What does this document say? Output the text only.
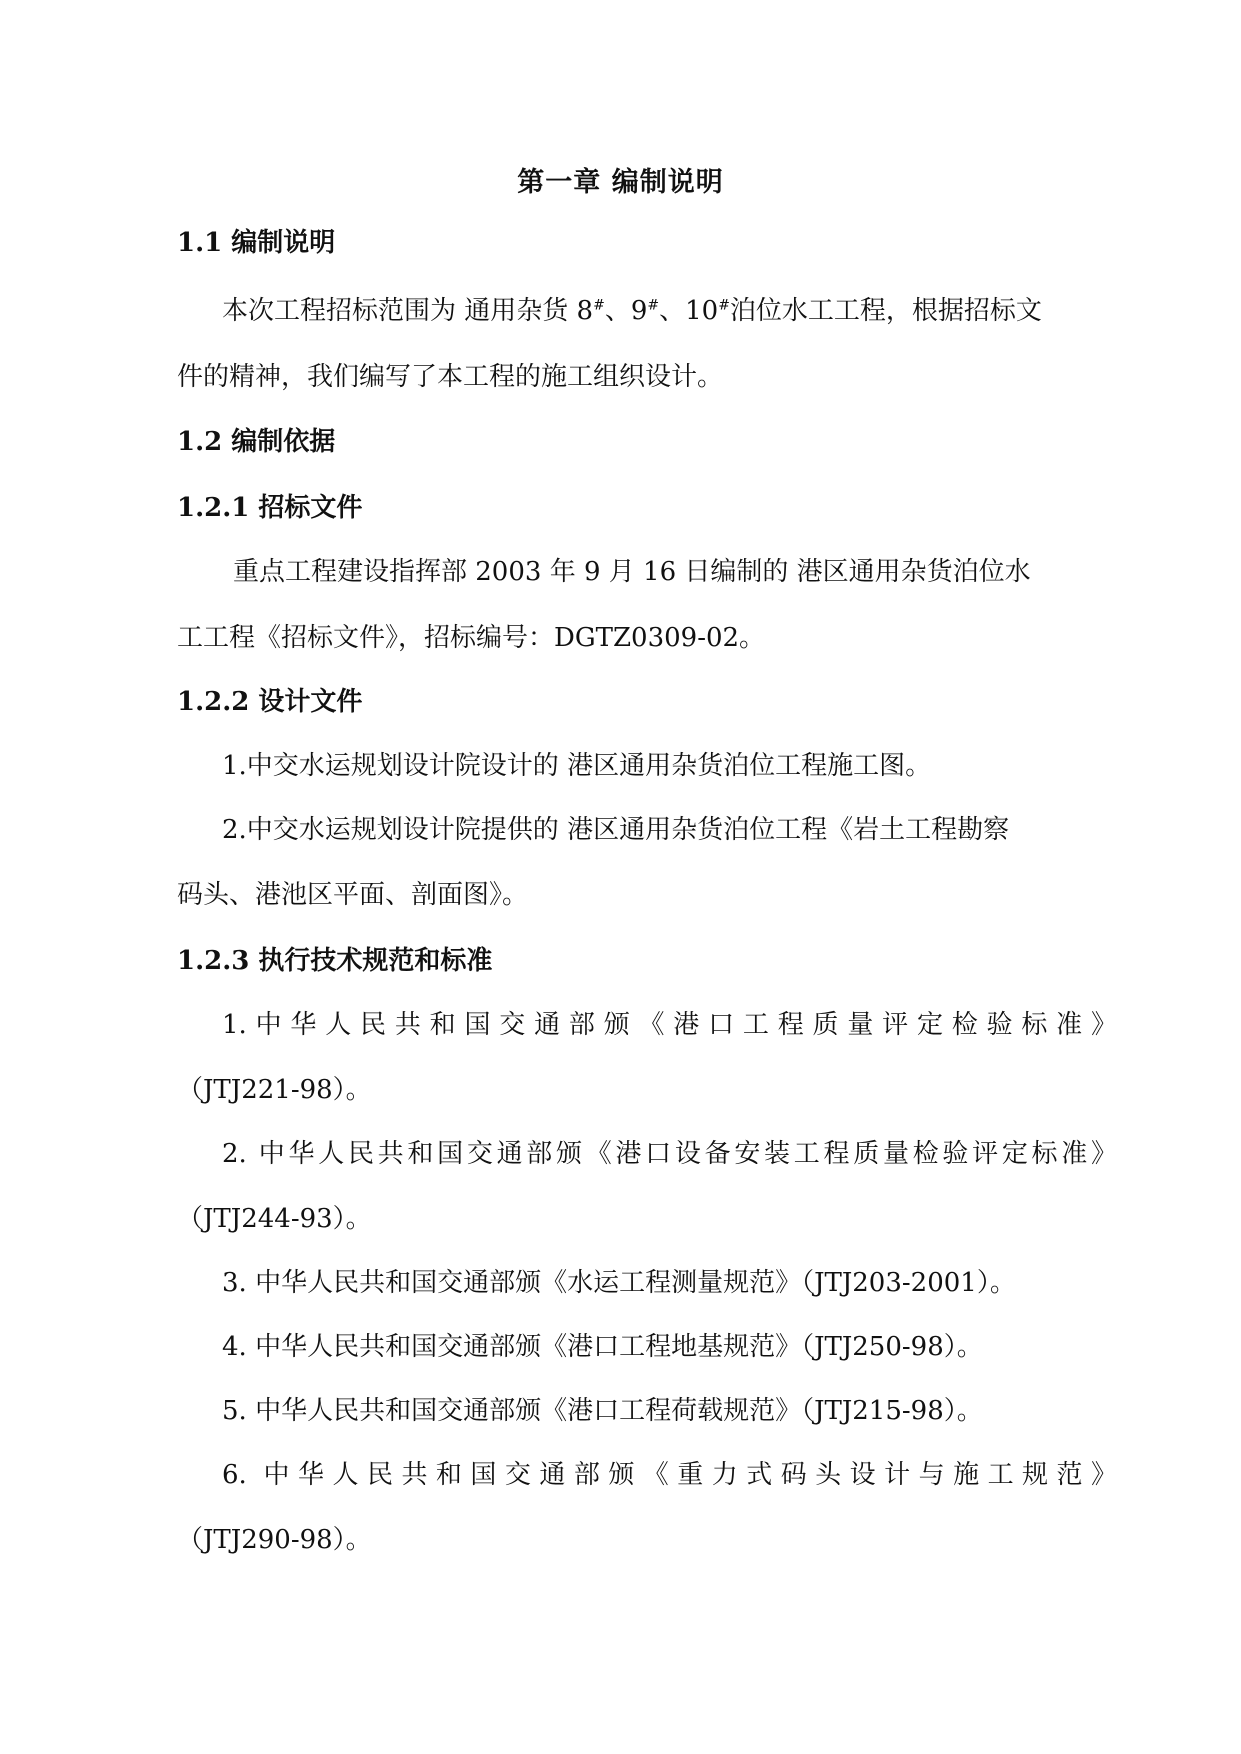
第一章 编制说明
1.1 编制说明
本次工程招标范围为 通用杂货 8#、9#、10#泊位水工工程，根据招标文
件的精神，我们编写了本工程的施工组织设计。
1.2 编制依据
1.2.1 招标文件
重点工程建设指挥部 2003 年 9 月 16 日编制的 港区通用杂货泊位水
工工程《招标文件》，招标编号：DGTZ0309-02。
1.2.2 设计文件
1.中交水运规划设计院设计的 港区通用杂货泊位工程施工图。
2.中交水运规划设计院提供的 港区通用杂货泊位工程《岩土工程勘察
码头、港池区平面、剖面图》。
1.2.3 执行技术规范和标准
1.中华人民共和国交通部颁《港口工程质量评定检验标准》
（JTJ221-98）。
2. 中华人民共和国交通部颁《港口设备安装工程质量检验评定标准》
（JTJ244-93）。
3. 中华人民共和国交通部颁《水运工程测量规范》（JTJ203-2001）。
4. 中华人民共和国交通部颁《港口工程地基规范》（JTJ250-98）。
5. 中华人民共和国交通部颁《港口工程荷载规范》（JTJ215-98）。
6. 中华人民共和国交通部颁《重力式码头设计与施工规范》
（JTJ290-98）。
